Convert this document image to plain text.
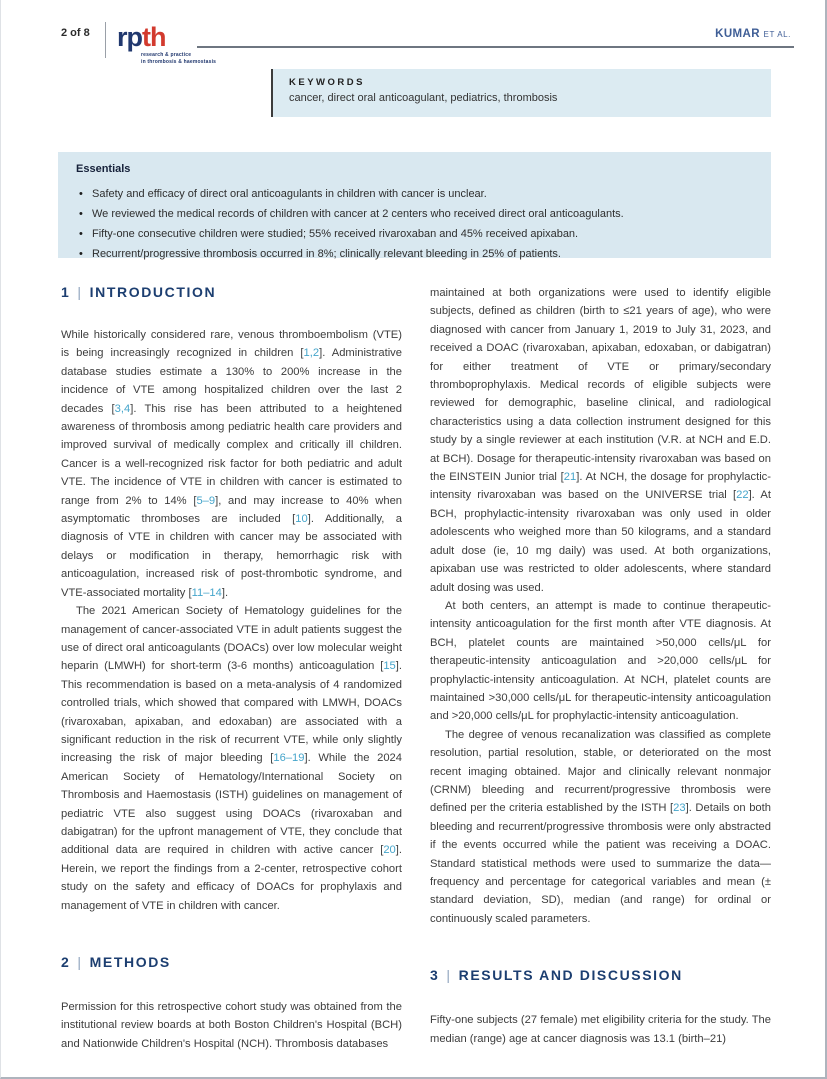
2 of 8 rpth
research & practice
in thrombosis & haemostasis
KUMAR ET AL.
KEYWORDS
cancer, direct oral anticoagulant, pediatrics, thrombosis
Essentials
• Safety and efficacy of direct oral anticoagulants in children with cancer is unclear.
• We reviewed the medical records of children with cancer at 2 centers who received direct oral anticoagulants.
• Fifty-one consecutive children were studied; 55% received rivaroxaban and 45% received apixaban.
• Recurrent/progressive thrombosis occurred in 8%; clinically relevant bleeding in 25% of patients.
1 | INTRODUCTION

While historically considered rare, venous thromboembolism (VTE) is being increasingly recognized in children [1,2]. Administrative database studies estimate a 130% to 200% increase in the incidence of VTE among hospitalized children over the last 2 decades [3,4]. This rise has been attributed to a heightened awareness of thrombosis among pediatric health care providers and improved survival of medically complex and critically ill children. Cancer is a well-recognized risk factor for both pediatric and adult VTE. The incidence of VTE in children with cancer is estimated to range from 2% to 14% [5–9], and may increase to 40% when asymptomatic thromboses are included [10]. Additionally, a diagnosis of VTE in children with cancer may be associated with delays or modification in therapy, hemorrhagic risk with anticoagulation, increased risk of post-thrombotic syndrome, and VTE-associated mortality [11–14].

The 2021 American Society of Hematology guidelines for the management of cancer-associated VTE in adult patients suggest the use of direct oral anticoagulants (DOACs) over low molecular weight heparin (LMWH) for short-term (3-6 months) anticoagulation [15]. This recommendation is based on a meta-analysis of 4 randomized controlled trials, which showed that compared with LMWH, DOACs (rivaroxaban, apixaban, and edoxaban) are associated with a significant reduction in the risk of recurrent VTE, while only slightly increasing the risk of major bleeding [16–19]. While the 2024 American Society of Hematology/International Society on Thrombosis and Haemostasis (ISTH) guidelines on management of pediatric VTE also suggest using DOACs (rivaroxaban and dabigatran) for the upfront management of VTE, they conclude that additional data are required in children with active cancer [20]. Herein, we report the findings from a 2-center, retrospective cohort study on the safety and efficacy of DOACs for prophylaxis and management of VTE in children with cancer.

2 | METHODS

Permission for this retrospective cohort study was obtained from the institutional review boards at both Boston Children's Hospital (BCH) and Nationwide Children's Hospital (NCH). Thrombosis databases

maintained at both organizations were used to identify eligible subjects, defined as children (birth to ≤21 years of age), who were diagnosed with cancer from January 1, 2019 to July 31, 2023, and received a DOAC (rivaroxaban, apixaban, edoxaban, or dabigatran) for either treatment of VTE or primary/secondary thromboprophylaxis. Medical records of eligible subjects were reviewed for demographic, baseline clinical, and radiological characteristics using a data collection instrument designed for this study by a single reviewer at each institution (V.R. at NCH and E.D. at BCH). Dosage for therapeutic-intensity rivaroxaban was based on the EINSTEIN Junior trial [21]. At NCH, the dosage for prophylactic-intensity rivaroxaban was based on the UNIVERSE trial [22]. At BCH, prophylactic-intensity rivaroxaban was only used in older adolescents who weighed more than 50 kilograms, and a standard adult dose (ie, 10 mg daily) was used. At both organizations, apixaban use was restricted to older adolescents, where standard adult dosing was used.

At both centers, an attempt is made to continue therapeutic-intensity anticoagulation for the first month after VTE diagnosis. At BCH, platelet counts are maintained >50,000 cells/μL for therapeutic-intensity anticoagulation and >20,000 cells/μL for prophylactic-intensity anticoagulation. At NCH, platelet counts are maintained >30,000 cells/μL for therapeutic-intensity anticoagulation and >20,000 cells/μL for prophylactic-intensity anticoagulation.

The degree of venous recanalization was classified as complete resolution, partial resolution, stable, or deteriorated on the most recent imaging obtained. Major and clinically relevant nonmajor (CRNM) bleeding and recurrent/progressive thrombosis were defined per the criteria established by the ISTH [23]. Details on both bleeding and recurrent/progressive thrombosis were only abstracted if the events occurred while the patient was receiving a DOAC. Standard statistical methods were used to summarize the data—frequency and percentage for categorical variables and mean (± standard deviation, SD), median (and range) for ordinal or continuously scaled parameters.

3 | RESULTS AND DISCUSSION

Fifty-one subjects (27 female) met eligibility criteria for the study. The median (range) age at cancer diagnosis was 13.1 (birth–21)
